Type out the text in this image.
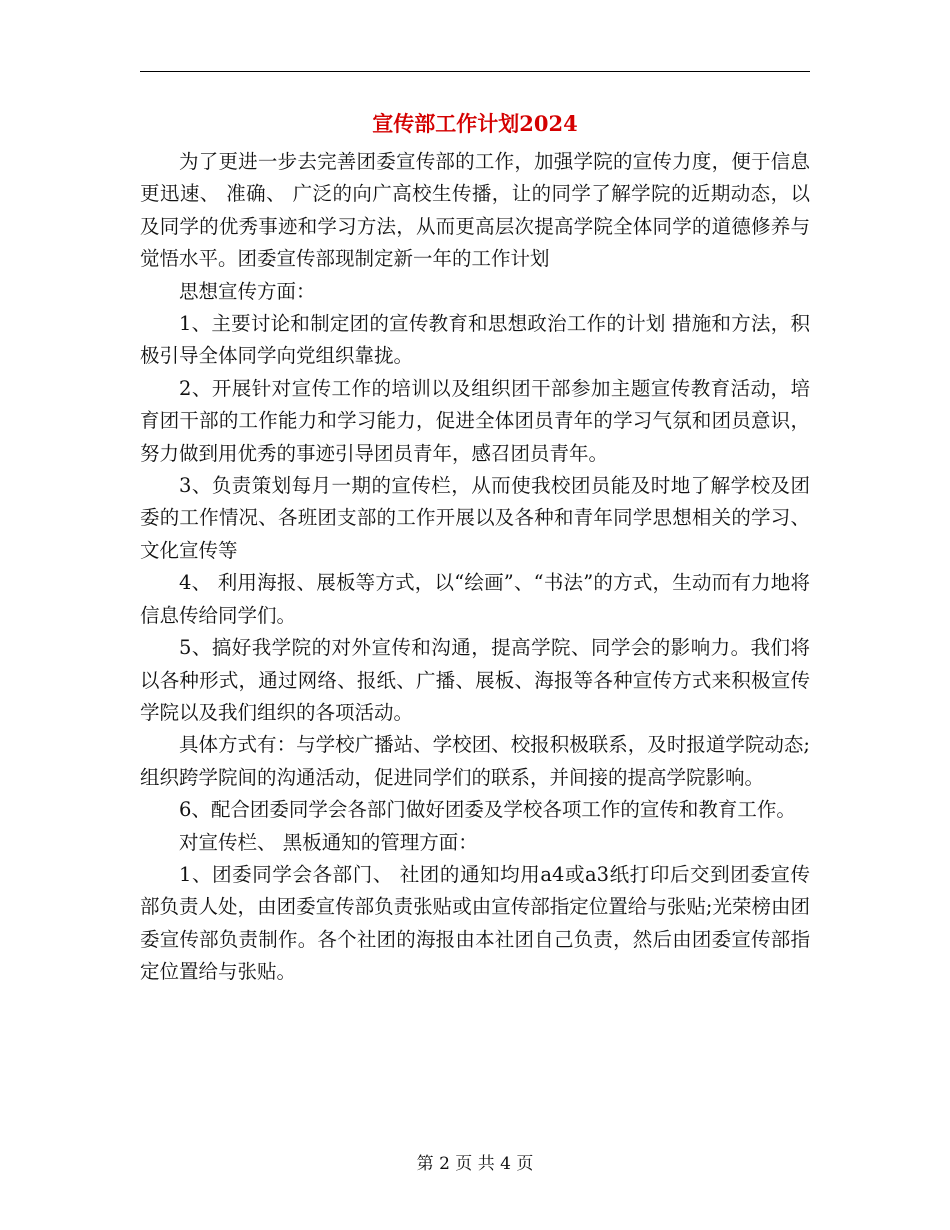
宣传部工作计划2024

为了更进一步去完善团委宣传部的工作，加强学院的宣传力度，便于信息更迅速、 准确、 广泛的向广高校生传播，让的同学了解学院的近期动态，以及同学的优秀事迹和学习方法，从而更高层次提高学院全体同学的道德修养与觉悟水平。团委宣传部现制定新一年的工作计划

思想宣传方面：

1、主要讨论和制定团的宣传教育和思想政治工作的计划 措施和方法，积极引导全体同学向党组织靠拢。

2、开展针对宣传工作的培训以及组织团干部参加主题宣传教育活动，培育团干部的工作能力和学习能力，促进全体团员青年的学习气氛和团员意识，努力做到用优秀的事迹引导团员青年，感召团员青年。

3、负责策划每月一期的宣传栏，从而使我校团员能及时地了解学校及团委的工作情况、各班团支部的工作开展以及各种和青年同学思想相关的学习、文化宣传等

4、 利用海报、展板等方式，以“绘画”、“书法”的方式，生动而有力地将信息传给同学们。

5、搞好我学院的对外宣传和沟通，提高学院、同学会的影响力。我们将以各种形式，通过网络、报纸、广播、展板、海报等各种宣传方式来积极宣传学院以及我们组织的各项活动。

具体方式有：与学校广播站、学校团、校报积极联系，及时报道学院动态;组织跨学院间的沟通活动，促进同学们的联系，并间接的提高学院影响。

6、配合团委同学会各部门做好团委及学校各项工作的宣传和教育工作。

对宣传栏、 黑板通知的管理方面：

1、团委同学会各部门、 社团的通知均用a4或a3纸打印后交到团委宣传部负责人处，由团委宣传部负责张贴或由宣传部指定位置给与张贴;光荣榜由团委宣传部负责制作。各个社团的海报由本社团自己负责，然后由团委宣传部指定位置给与张贴。

第 2 页 共 4 页
